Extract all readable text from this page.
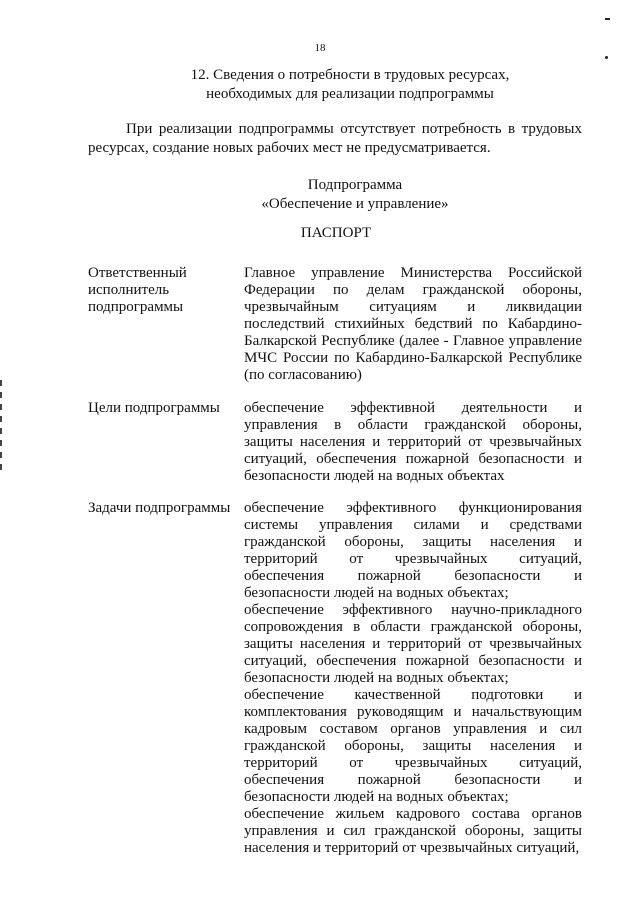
18
12. Сведения о потребности в трудовых ресурсах,
необходимых для реализации подпрограммы
При реализации подпрограммы отсутствует потребность в трудовых ресурсах, создание новых рабочих мест не предусматривается.
Подпрограмма
«Обеспечение и управление»
ПАСПОРТ
Ответственный исполнитель подпрограммы

Главное управление Министерства Российской Федерации по делам гражданской обороны, чрезвычайным ситуациям и ликвидации последствий стихийных бедствий по Кабардино-Балкарской Республике (далее - Главное управление МЧС России по Кабардино-Балкарской Республике (по согласованию)

Цели подпрограммы	обеспечение эффективной деятельности и управления в области гражданской обороны, защиты населения и территорий от чрезвычайных ситуаций, обеспечения пожарной безопасности и безопасности людей на водных объектах

Задачи подпрограммы обеспечение эффективного функционирования системы управления силами и средствами гражданской обороны, защиты населения и территорий от чрезвычайных ситуаций, обеспечения пожарной безопасности и безопасности людей на водных объектах;

обеспечение эффективного научно-прикладного сопровождения в области гражданской обороны, защиты населения и территорий от чрезвычайных ситуаций, обеспечения пожарной безопасности и безопасности людей на водных объектах;

обеспечение качественной подготовки и комплектования руководящим и начальствующим кадровым составом органов управления и сил гражданской обороны, защиты населения и территорий от чрезвычайных ситуаций, обеспечения пожарной безопасности и безопасности людей на водных объектах;

обеспечение жильем кадрового состава органов управления и сил гражданской обороны, защиты населения и территорий от чрезвычайных ситуаций,
